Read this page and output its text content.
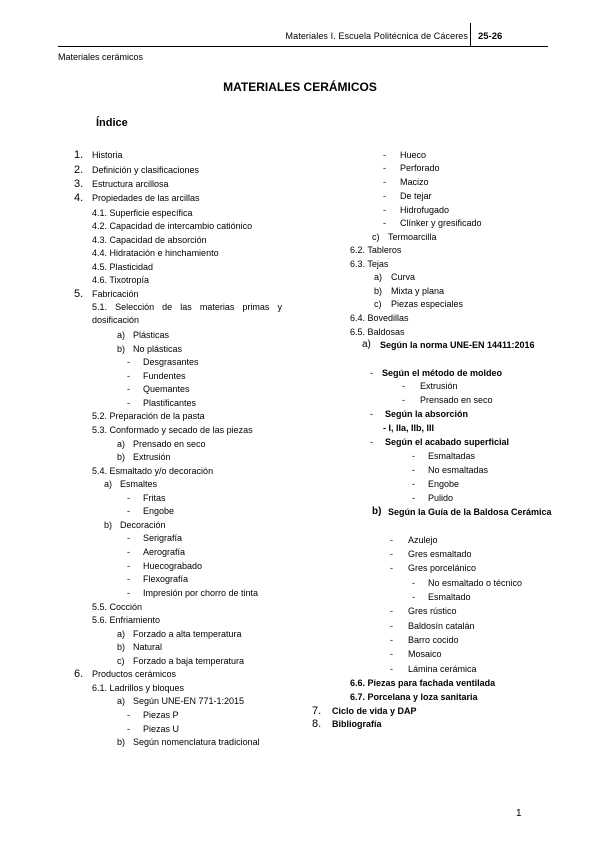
Materiales I. Escuela Politécnica de Cáceres 25-26
Materiales cerámicos
MATERIALES CERÁMICOS
Índice
1. Historia
2. Definición y clasificaciones
3. Estructura arcillosa
4. Propiedades de las arcillas
4.1. Superficie específica
4.2. Capacidad de intercambio catiónico
4.3. Capacidad de absorción
4.4. Hidratación e hinchamiento
4.5. Plasticidad
4.6. Tixotropía
5. Fabricación
5.1. Selección de las materias primas y dosificación
a) Plásticas
b) No plásticas
- Desgrasantes
- Fundentes
- Quemantes
- Plastificantes
5.2. Preparación de la pasta
5.3. Conformado y secado de las piezas
a) Prensado en seco
b) Extrusión
5.4. Esmaltado y/o decoración
a) Esmaltes
- Fritas
- Engobe
b) Decoración
- Serigrafía
- Aerografía
- Huecograbado
- Flexografía
- Impresión por chorro de tinta
5.5. Cocción
5.6. Enfriamiento
a) Forzado a alta temperatura
b) Natural
c) Forzado a baja temperatura
6. Productos cerámicos
6.1. Ladrillos y bloques
a) Según UNE-EN 771-1:2015
- Piezas P
- Piezas U
b) Según nomenclatura tradicional
- Hueco
- Perforado
- Macizo
- De tejar
- Hidrofugado
- Clínker y gresificado
c) Termoarcilla
6.2. Tableros
6.3. Tejas
a) Curva
b) Mixta y plana
c) Piezas especiales
6.4. Bovedillas
6.5. Baldosas
a) Según la norma UNE-EN 14411:2016
- Según el método de moldeo
- Extrusión
- Prensado en seco
- Según la absorción
- I, IIa, IIb, III
- Según el acabado superficial
- Esmaltadas
- No esmaltadas
- Engobe
- Pulido
b) Según la Guía de la Baldosa Cerámica
- Azulejo
- Gres esmaltado
- Gres porcelánico
- No esmaltado o técnico
- Esmaltado
- Gres rústico
- Baldosín catalán
- Barro cocido
- Mosaico
- Lámina cerámica
6.6. Piezas para fachada ventilada
6.7. Porcelana y loza sanitaria
7. Ciclo de vida y DAP
8. Bibliografía
1
